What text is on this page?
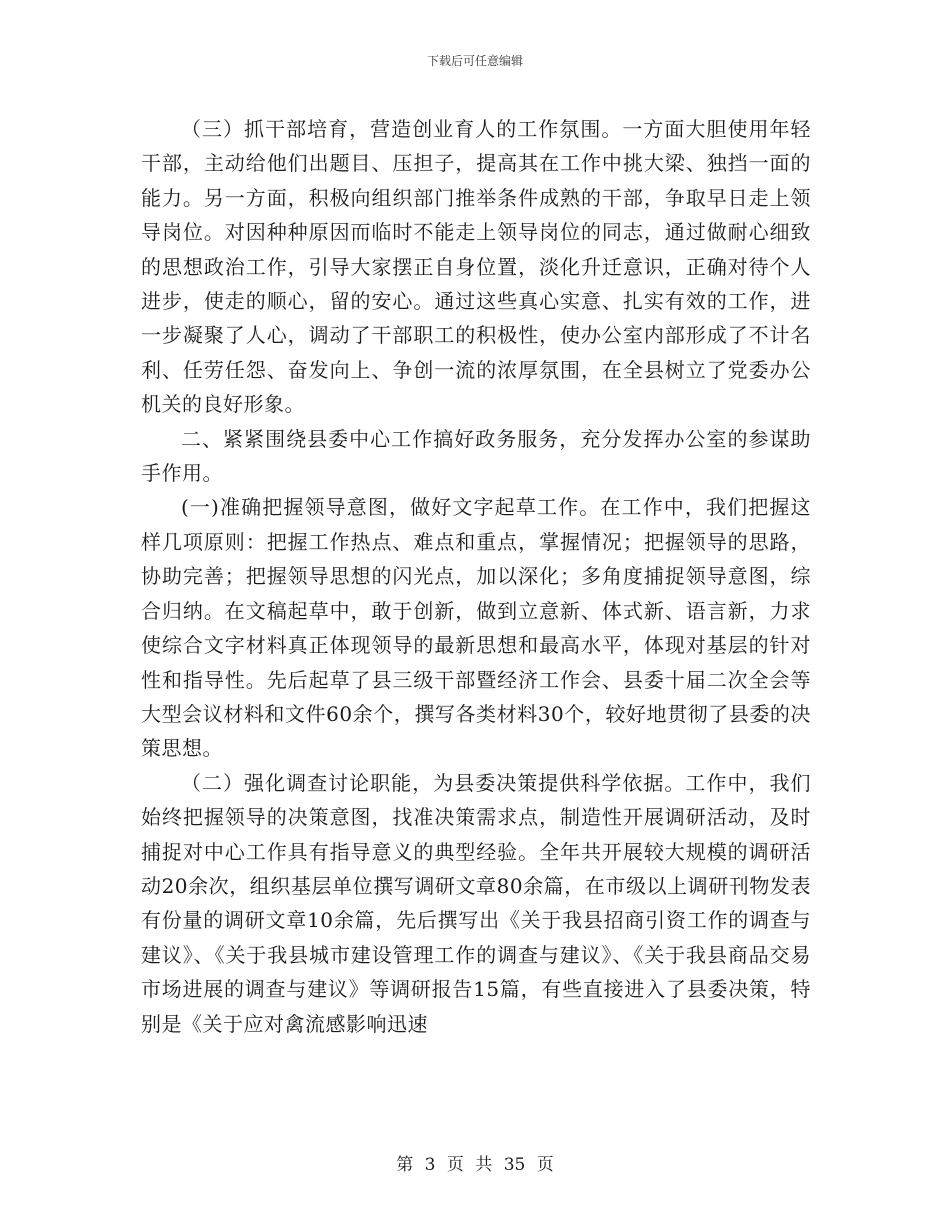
下载后可任意编辑

（三）抓干部培育，营造创业育人的工作氛围。一方面大胆使用年轻干部，主动给他们出题目、压担子，提高其在工作中挑大梁、独挡一面的能力。另一方面，积极向组织部门推举条件成熟的干部，争取早日走上领导岗位。对因种种原因而临时不能走上领导岗位的同志，通过做耐心细致的思想政治工作，引导大家摆正自身位置，淡化升迁意识，正确对待个人进步，使走的顺心，留的安心。通过这些真心实意、扎实有效的工作，进一步凝聚了人心，调动了干部职工的积极性，使办公室内部形成了不计名利、任劳任怨、奋发向上、争创一流的浓厚氛围，在全县树立了党委办公机关的良好形象。

二、紧紧围绕县委中心工作搞好政务服务，充分发挥办公室的参谋助手作用。

(一)准确把握领导意图，做好文字起草工作。在工作中，我们把握这样几项原则：把握工作热点、难点和重点，掌握情况；把握领导的思路，协助完善；把握领导思想的闪光点，加以深化；多角度捕捉领导意图，综合归纳。在文稿起草中，敢于创新，做到立意新、体式新、语言新，力求使综合文字材料真正体现领导的最新思想和最高水平，体现对基层的针对性和指导性。先后起草了县三级干部暨经济工作会、县委十届二次全会等大型会议材料和文件60余个，撰写各类材料30个，较好地贯彻了县委的决策思想。

（二）强化调查讨论职能，为县委决策提供科学依据。工作中，我们始终把握领导的决策意图，找准决策需求点，制造性开展调研活动，及时捕捉对中心工作具有指导意义的典型经验。全年共开展较大规模的调研活动20余次，组织基层单位撰写调研文章80余篇，在市级以上调研刊物发表有份量的调研文章10余篇，先后撰写出《关于我县招商引资工作的调查与建议》、《关于我县城市建设管理工作的调查与建议》、《关于我县商品交易市场进展的调查与建议》等调研报告15篇，有些直接进入了县委决策，特别是《关于应对禽流感影响迅速

第 3 页 共 35 页
